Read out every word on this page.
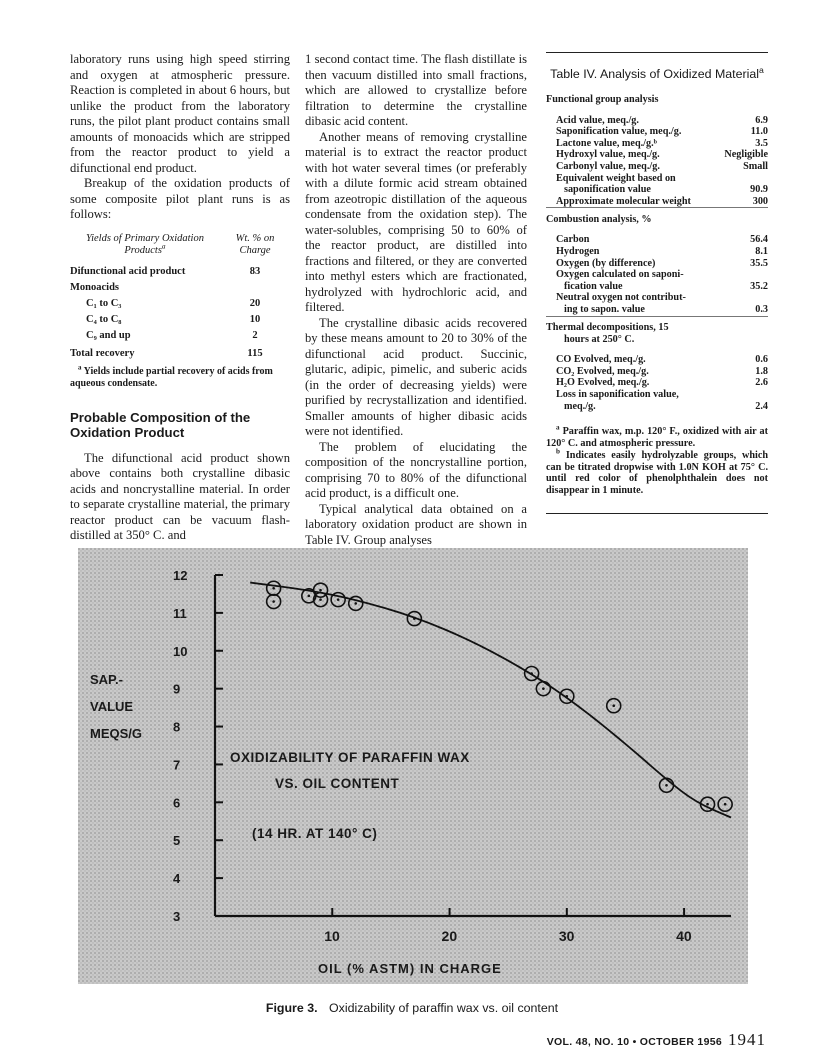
laboratory runs using high speed stirring and oxygen at atmospheric pressure. Reaction is completed in about 6 hours, but unlike the product from the laboratory runs, the pilot plant product contains small amounts of monoacids which are stripped from the reactor product to yield a difunctional end product.

Breakup of the oxidation products of some composite pilot plant runs is as follows:

Yields of Primary Oxidation Products$^a$	Wt. % on Charge
Difunctional acid product	83
Monoacids	
C₁ to C₃	20
C₄ to C₈	10
C₉ and up	2
Total recovery	115

$^a$ Yields include partial recovery of acids from aqueous condensate.

Probable Composition of the Oxidation Product

The difunctional acid product shown above contains both crystalline dibasic acids and noncrystalline material. In order to separate crystalline material, the primary reactor product can be vacuum flash-distilled at 350° C. and

1 second contact time. The flash distillate is then vacuum distilled into small fractions, which are allowed to crystallize before filtration to determine the crystalline dibasic acid content.

Another means of removing crystalline material is to extract the reactor product with hot water several times (or preferably with a dilute formic acid stream obtained from azeotropic distillation of the aqueous condensate from the oxidation step). The water-solubles, comprising 50 to 60% of the reactor product, are distilled into fractions and filtered, or they are converted into methyl esters which are fractionated, hydrolyzed with hydrochloric acid, and filtered.

The crystalline dibasic acids recovered by these means amount to 20 to 30% of the difunctional acid product. Succinic, glutaric, adipic, pimelic, and suberic acids (in the order of decreasing yields) were purified by recrystallization and identified. Smaller amounts of higher dibasic acids were not identified.

The problem of elucidating the composition of the noncrystalline portion, comprising 70 to 80% of the difunctional acid product, is a difficult one.

Typical analytical data obtained on a laboratory oxidation product are shown in Table IV. Group analyses

Table IV. Analysis of Oxidized Material$^a$
Functional group analysis	

Acid value, meq./g.	6.9
Saponification value, meq./g.	11.0
Lactone value, meq./g.ᵇ	3.5
Hydroxyl value, meq./g.	Negligible
Carbonyl value, meq./g.	Small
Equivalent weight based on	
saponification value	90.9
Approximate molecular weight	300

Combustion analysis, %	

Carbon	56.4
Hydrogen	8.1
Oxygen (by difference)	35.5
Oxygen calculated on saponi-	
fication value	35.2
Neutral oxygen not contribut-	
ing to sapon. value	0.3

Thermal decompositions, 15	
hours at 250° C.	

CO Evolved, meq./g.	0.6
CO₂ Evolved, meq./g.	1.8
H₂O Evolved, meq./g.	2.6
Loss in saponification value,	
meq./g.	2.4

$^a$ Paraffin wax, m.p. 120° F., oxidized with air at 120° C. and atmospheric pressure.

$^b$ Indicates easily hydrolyzable groups, which can be titrated dropwise with 1.0N KOH at 75° C. until red color of phenolphthalein does not disappear in 1 minute.

3
4
5
6
7
8
9
10
11
12
10	20	30	40
SAP.-
VALUE
MEQS/G
OIL (% ASTM) IN CHARGE
OXIDIZABILITY OF PARAFFIN WAX
VS. OIL CONTENT
(14 HR. AT 140° C)
Figure 3. Oxidizability of paraffin wax vs. oil content
VOL. 48, NO. 10 • OCTOBER 1956 1941
